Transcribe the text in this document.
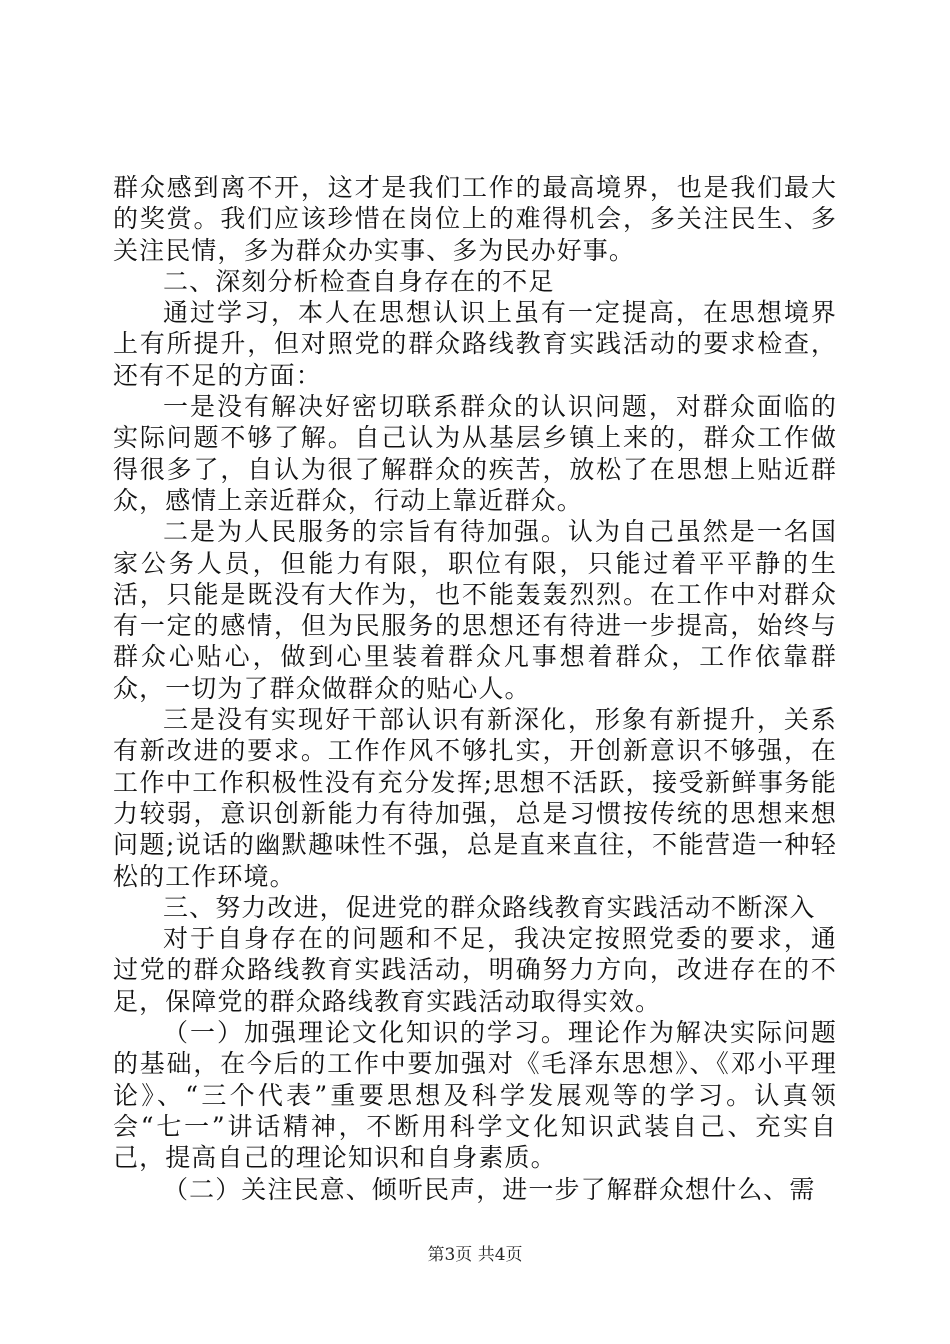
群众感到离不开，这才是我们工作的最高境界，也是我们最大的奖赏。我们应该珍惜在岗位上的难得机会，多关注民生、多关注民情，多为群众办实事、多为民办好事。

二、深刻分析检查自身存在的不足

通过学习，本人在思想认识上虽有一定提高，在思想境界上有所提升，但对照党的群众路线教育实践活动的要求检查，还有不足的方面：

一是没有解决好密切联系群众的认识问题，对群众面临的实际问题不够了解。自己认为从基层乡镇上来的，群众工作做得很多了，自认为很了解群众的疾苦，放松了在思想上贴近群众，感情上亲近群众，行动上靠近群众。

二是为人民服务的宗旨有待加强。认为自己虽然是一名国家公务人员，但能力有限，职位有限，只能过着平平静的生活，只能是既没有大作为，也不能轰轰烈烈。在工作中对群众有一定的感情，但为民服务的思想还有待进一步提高，始终与群众心贴心，做到心里装着群众凡事想着群众，工作依靠群众，一切为了群众做群众的贴心人。

三是没有实现好干部认识有新深化，形象有新提升，关系有新改进的要求。工作作风不够扎实，开创新意识不够强，在工作中工作积极性没有充分发挥;思想不活跃，接受新鲜事务能力较弱，意识创新能力有待加强，总是习惯按传统的思想来想问题;说话的幽默趣味性不强，总是直来直往，不能营造一种轻松的工作环境。

三、努力改进，促进党的群众路线教育实践活动不断深入

对于自身存在的问题和不足，我决定按照党委的要求，通过党的群众路线教育实践活动，明确努力方向，改进存在的不足，保障党的群众路线教育实践活动取得实效。

（一）加强理论文化知识的学习。理论作为解决实际问题的基础，在今后的工作中要加强对《毛泽东思想》、《邓小平理论》、“三个代表”重要思想及科学发展观等的学习。认真领会“七一”讲话精神，不断用科学文化知识武装自己、充实自己，提高自己的理论知识和自身素质。

（二）关注民意、倾听民声，进一步了解群众想什么、需

第3页 共4页
